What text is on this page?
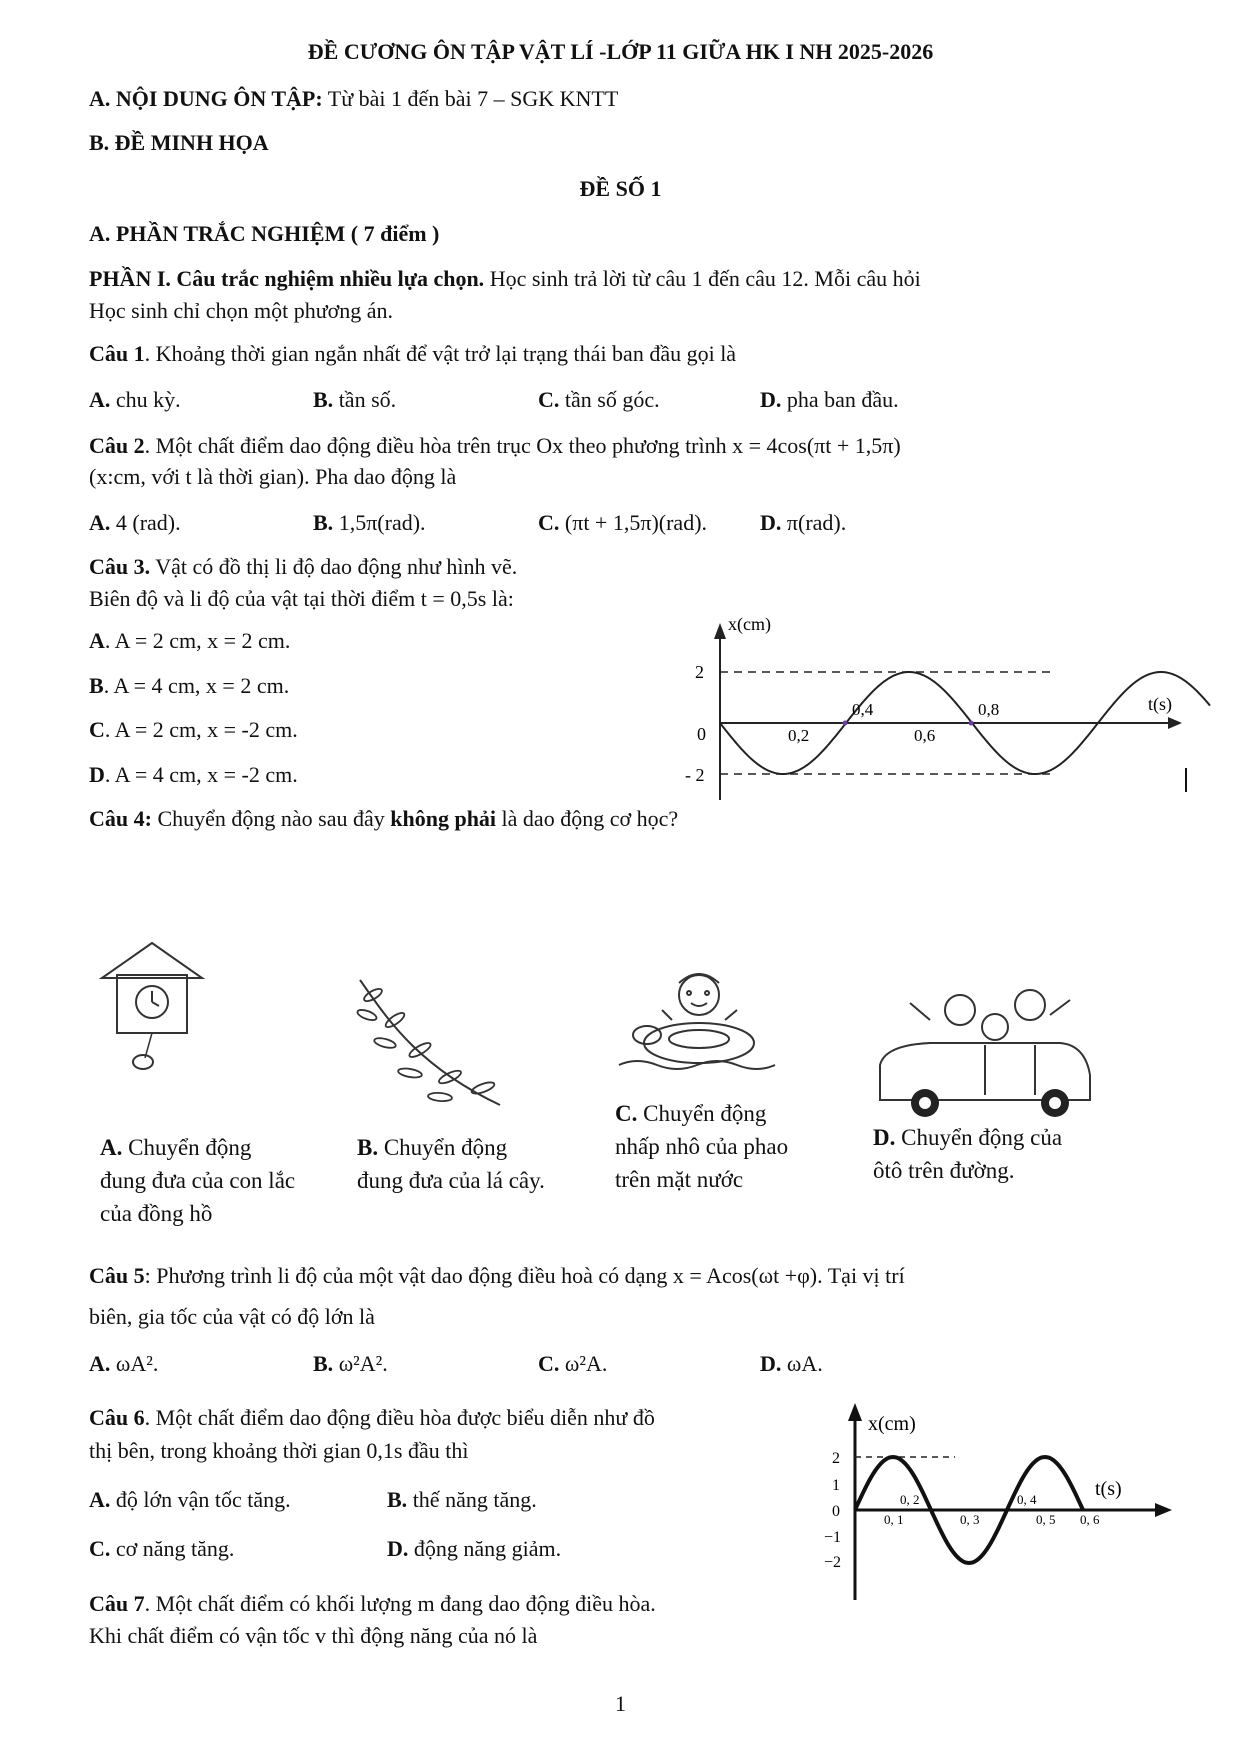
ĐỀ CƯƠNG ÔN TẬP VẬT LÍ -LỚP 11 GIỮA HK I NH 2025-2026
A. NỘI DUNG ÔN TẬP: Từ bài 1 đến bài 7 – SGK KNTT
B. ĐỀ MINH HỌA
ĐỀ SỐ 1
A. PHẦN TRẮC NGHIỆM ( 7 điểm )
PHẦN I. Câu trắc nghiệm nhiều lựa chọn. Học sinh trả lời từ câu 1 đến câu 12. Mỗi câu hỏi
Học sinh chỉ chọn một phương án.
Câu 1. Khoảng thời gian ngắn nhất để vật trở lại trạng thái ban đầu gọi là
A. chu kỳ.	B. tần số.	C. tần số góc.	D. pha ban đầu.
Câu 2. Một chất điểm dao động điều hòa trên trục Ox theo phương trình x = 4cos(πt + 1,5π)
(x:cm, với t là thời gian). Pha dao động là
A. 4 (rad).	B. 1,5π(rad).	C. (πt + 1,5π)(rad). D. π(rad).
Câu 3. Vật có đồ thị li độ dao động như hình vẽ.
Biên độ và li độ của vật tại thời điểm t = 0,5s là:
A. A = 2 cm, x = 2 cm.
B. A = 4 cm, x = 2 cm.
C. A = 2 cm, x = -2 cm.
D. A = 4 cm, x = -2 cm.
x(cm)
t(s)
2
0
- 2
0,4	0,8
0,2	0,6
Câu 4: Chuyển động nào sau đây không phải là dao động cơ học?
A. Chuyển động
đung đưa của con lắc
của đồng hồ
B. Chuyển động
đung đưa của lá cây.
C. Chuyển động
nhấp nhô của phao
trên mặt nước
D. Chuyển động của
ôtô trên đường.
Câu 5: Phương trình li độ của một vật dao động điều hoà có dạng x = Acos(ωt +φ). Tại vị trí
biên, gia tốc của vật có độ lớn là
A. ωA².	B. ω²A².	C. ω²A.	D. ωA.
Câu 6. Một chất điểm dao động điều hòa được biểu diễn như đồ
thị bên, trong khoảng thời gian 0,1s đầu thì
A. độ lớn vận tốc tăng.	B. thế năng tăng.
C. cơ năng tăng.	D. động năng giảm.
x(cm)
t(s)
2
1
0
−1
−2
0, 2	0, 4
0, 1	0, 3	0, 5 0, 6
Câu 7. Một chất điểm có khối lượng m đang dao động điều hòa.
Khi chất điểm có vận tốc v thì động năng của nó là
1
